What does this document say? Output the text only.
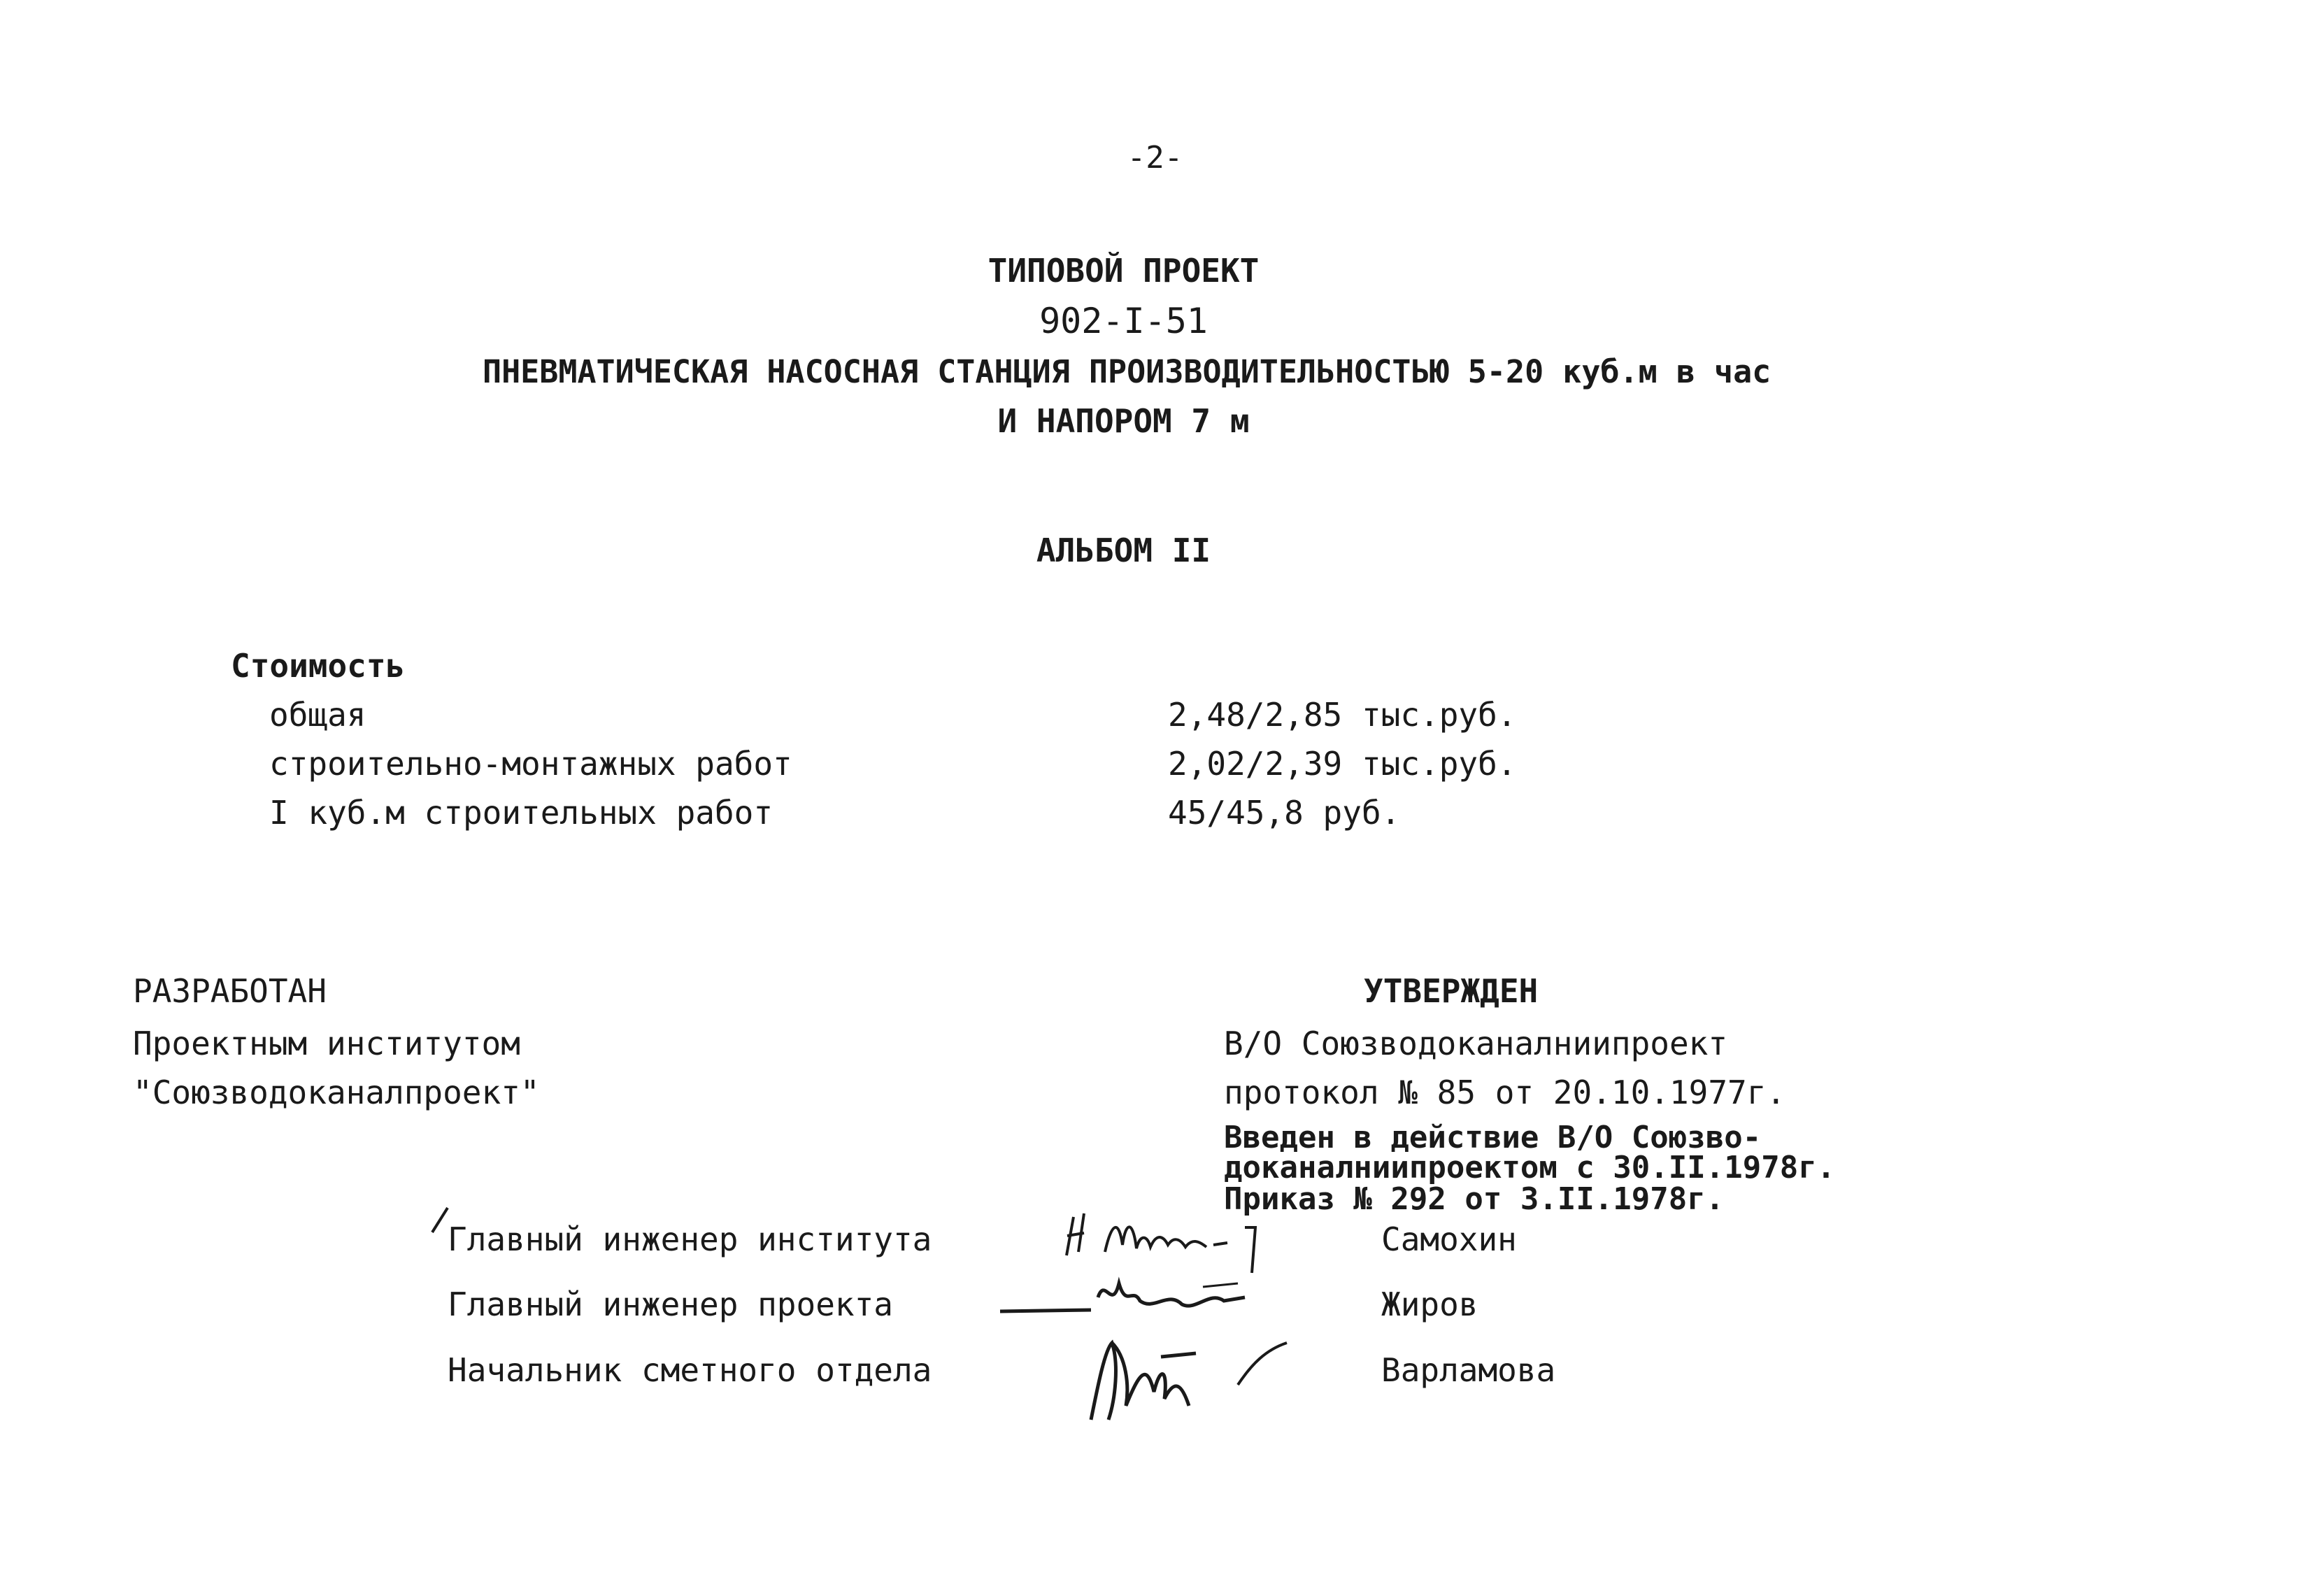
-2-
ТИПОВОЙ ПРОЕКТ
902-I-51
ПНЕВМАТИЧЕСКАЯ НАСОСНАЯ СТАНЦИЯ ПРОИЗВОДИТЕЛЬНОСТЬЮ 5-20 куб.м в час
И НАПОРОМ 7 м
АЛЬБОМ II
Стоимость
общая	2,48/2,85 тыс.руб.
строительно-монтажных работ	2,02/2,39 тыс.руб.
I куб.м строительных работ	45/45,8 руб.
РАЗРАБОТАН
Проектным институтом
"Союзводоканалпроект"
УТВЕРЖДЕН
В/О Союзводоканалниипроект
протокол № 85 от 20.10.1977г.
Введен в действие В/О Союзво-
доканалниипроектом с 30.II.1978г.
Приказ № 292 от 3.II.1978г.
Главный инженер института	Самохин
Главный инженер проекта	Жиров
Начальник сметного отдела	Варламова
